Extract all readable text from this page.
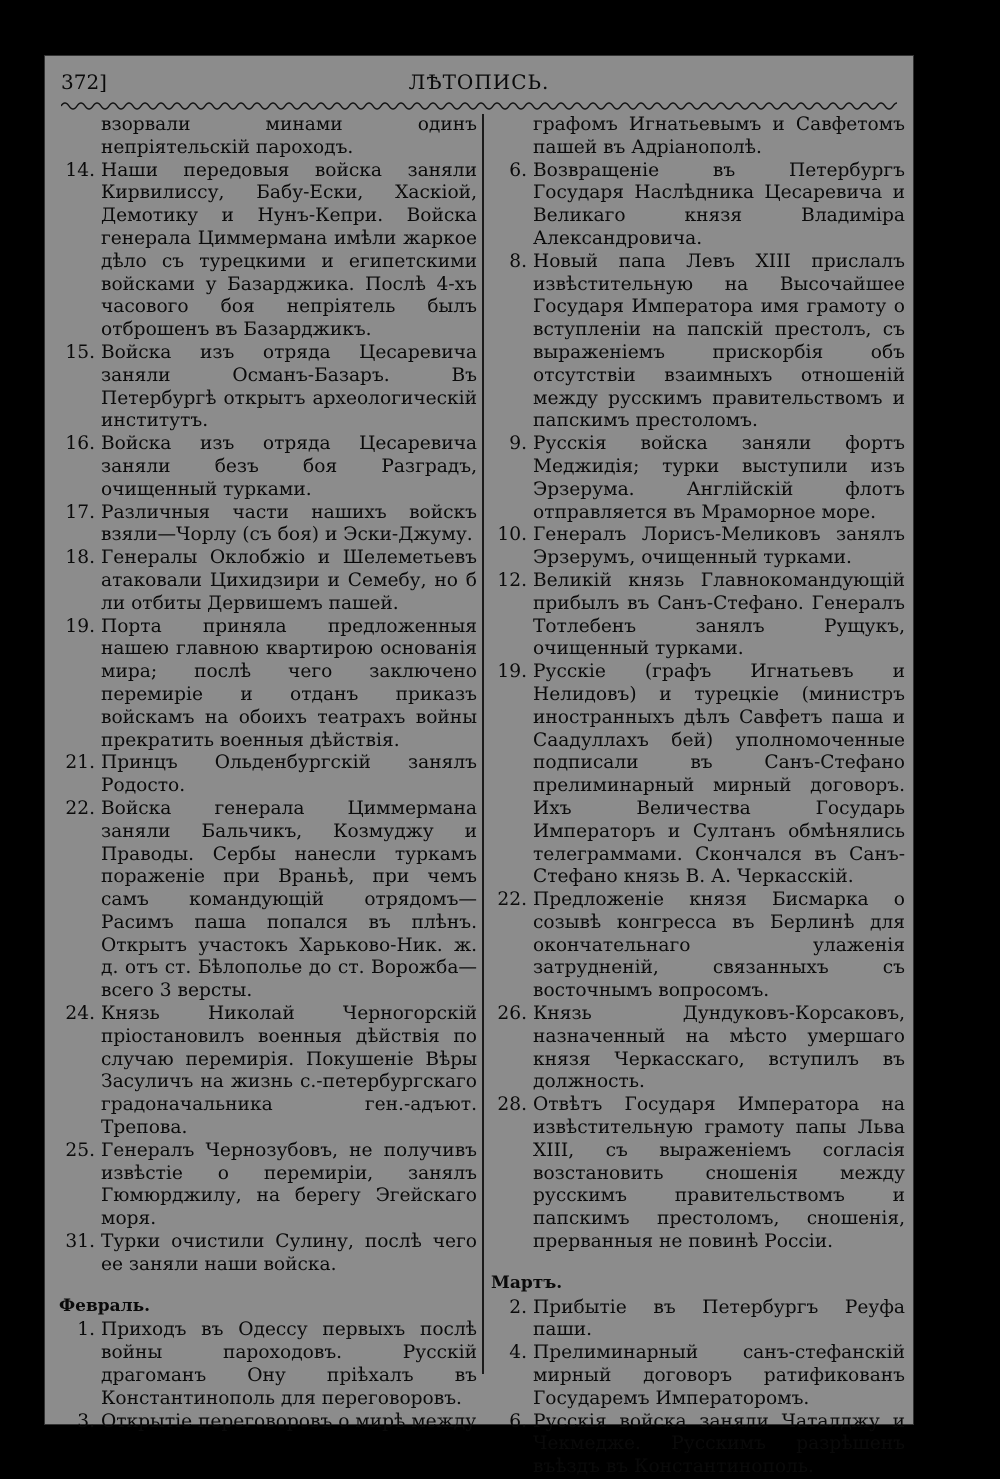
372]	ЛѢТОПИСЬ.
взорвали минами одинъ непріятельскій пароходъ.
14. Наши передовыя войска заняли Кирвилиссу, Бабу-Ески, Хаскіой, Демотику и Нунъ-Кепри. Войска генерала Циммермана имѣли жаркое дѣло съ турецкими и египетскими войсками у Базарджика. Послѣ 4-хъ часового боя непріятель былъ отброшенъ въ Базарджикъ.
15. Войска изъ отряда Цесаревича заняли Османъ-Базаръ. Въ Петербургѣ открытъ археологическій институтъ.
16. Войска изъ отряда Цесаревича заняли безъ боя Разградъ, очищенный турками.
17. Различныя части нашихъ войскъ взяли—Чорлу (съ боя) и Эски-Джуму.
18. Генералы Оклобжіо и Шелеметьевъ атаковали Цихидзири и Семебу, но б ли отбиты Дервишемъ пашей.
19. Порта приняла предложенныя нашею главною квартирою основанія мира; послѣ чего заключено перемиріе и отданъ приказъ войскамъ на обоихъ театрахъ войны прекратить военныя дѣйствія.
21. Принцъ Ольденбургскій занялъ Родосто.
22. Войска генерала Циммермана заняли Бальчикъ, Козмуджу и Праводы. Сербы нанесли туркамъ пораженіе при Враньѣ, при чемъ самъ командующій отрядомъ—Расимъ паша попался въ плѣнъ. Открытъ участокъ Харьково-Ник. ж. д. отъ ст. Бѣлополье до ст. Ворожба—всего 3 версты.
24. Князь Николай Черногорскій пріостановилъ военныя дѣйствія по случаю перемирія. Покушеніе Вѣры Засуличъ на жизнь с.-петербургскаго градоначальника ген.-адъют. Трепова.
25. Генералъ Чернозубовъ, не получивъ извѣстіе о перемиріи, занялъ Гюмюрджилу, на берегу Эгейскаго моря.
31. Турки очистили Сулину, послѣ чего ее заняли наши войска.
Февраль.
1. Приходъ въ Одессу первыхъ послѣ войны пароходовъ. Русскій драгоманъ Ону пріѣхалъ въ Константинополь для переговоровъ.
3. Открытіе переговоровъ о мирѣ между
графомъ Игнатьевымъ и Савфетомъ пашей въ Адріанополѣ.
6. Возвращеніе въ Петербургъ Государя Наслѣдника Цесаревича и Великаго князя Владиміра Александровича.
8. Новый папа Левъ XIII прислалъ извѣстительную на Высочайшее Государя Императора имя грамоту о вступленіи на папскій престолъ, съ выраженіемъ прискорбія объ отсутствіи взаимныхъ отношеній между русскимъ правительствомъ и папскимъ престоломъ.
9. Русскія войска заняли фортъ Меджидія; турки выступили изъ Эрзерума. Англійскій флотъ отправляется въ Мраморное море.
10. Генералъ Лорисъ-Меликовъ занялъ Эрзерумъ, очищенный турками.
12. Великій князь Главнокомандующій прибылъ въ Санъ-Стефано. Генералъ Тотлебенъ занялъ Рущукъ, очищенный турками.
19. Русскіе (графъ Игнатьевъ и Нелидовъ) и турецкіе (министръ иностранныхъ дѣлъ Савфетъ паша и Саадуллахъ бей) уполномоченные подписали въ Санъ-Стефано прелиминарный мирный договоръ. Ихъ Величества Государь Императоръ и Султанъ обмѣнялись телеграммами. Скончался въ Санъ-Стефано князь В. А. Черкасскій.
22. Предложеніе князя Бисмарка о созывѣ конгресса въ Берлинѣ для окончательнаго улаженія затрудненій, связанныхъ съ восточнымъ вопросомъ.
26. Князь Дундуковъ-Корсаковъ, назначенный на мѣсто умершаго князя Черкасскаго, вступилъ въ должность.
28. Отвѣтъ Государя Императора на извѣстительную грамоту папы Льва XIII, съ выраженіемъ согласія возстановить сношенія между русскимъ правительствомъ и папскимъ престоломъ, сношенія, прерванныя не повинѣ Россіи.
Мартъ.
2. Прибытіе въ Петербургъ Реуфа паши.
4. Прелиминарный санъ-стефанскій мирный договоръ ратификованъ Государемъ Императоромъ.
6. Русскія войска заняли Чаталджу и Чекмедже. Русскимъ разрѣшенъ въѣздъ въ Константинополь.
